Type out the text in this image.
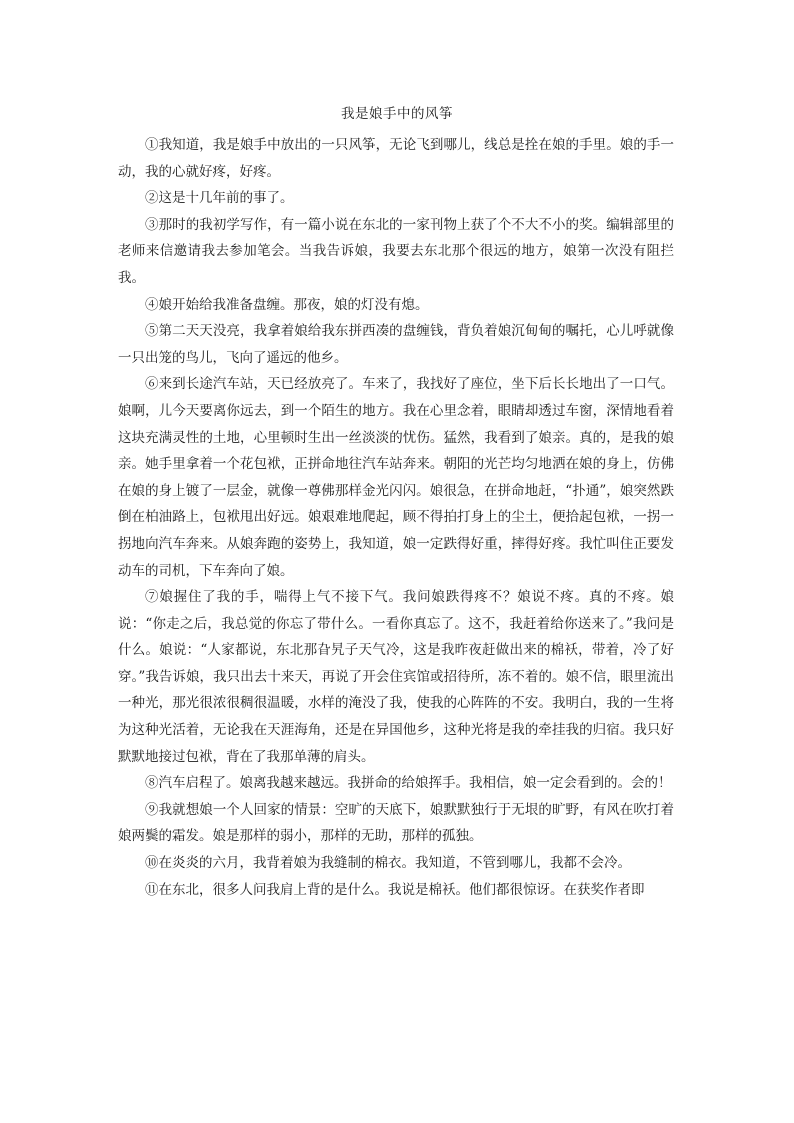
我是娘手中的风筝

①我知道，我是娘手中放出的一只风筝，无论飞到哪儿，线总是拴在娘的手里。娘的手一动，我的心就好疼，好疼。

②这是十几年前的事了。

③那时的我初学写作，有一篇小说在东北的一家刊物上获了个不大不小的奖。编辑部里的老师来信邀请我去参加笔会。当我告诉娘，我要去东北那个很远的地方，娘第一次没有阻拦我。

④娘开始给我准备盘缠。那夜，娘的灯没有熄。

⑤第二天天没亮，我拿着娘给我东拼西凑的盘缠钱，背负着娘沉甸甸的嘱托，心儿呼就像一只出笼的鸟儿，飞向了遥远的他乡。

⑥来到长途汽车站，天已经放亮了。车来了，我找好了座位，坐下后长长地出了一口气。娘啊，儿今天要离你远去，到一个陌生的地方。我在心里念着，眼睛却透过车窗，深情地看着这块充满灵性的土地，心里顿时生出一丝淡淡的忧伤。猛然，我看到了娘亲。真的，是我的娘亲。她手里拿着一个花包袱，正拼命地往汽车站奔来。朝阳的光芒均匀地洒在娘的身上，仿佛在娘的身上镀了一层金，就像一尊佛那样金光闪闪。娘很急，在拼命地赶，“扑通”，娘突然跌倒在柏油路上，包袱甩出好远。娘艰难地爬起，顾不得拍打身上的尘土，便拾起包袱，一拐一拐地向汽车奔来。从娘奔跑的姿势上，我知道，娘一定跌得好重，摔得好疼。我忙叫住正要发动车的司机，下车奔向了娘。

⑦娘握住了我的手，喘得上气不接下气。我问娘跌得疼不？娘说不疼。真的不疼。娘说：“你走之后，我总觉的你忘了带什么。一看你真忘了。这不，我赶着给你送来了。”我问是什么。娘说：“人家都说，东北那旮旯子天气冷，这是我昨夜赶做出来的棉袄，带着，冷了好穿。”我告诉娘，我只出去十来天，再说了开会住宾馆或招待所，冻不着的。娘不信，眼里流出一种光，那光很浓很稠很温暖，水样的淹没了我，使我的心阵阵的不安。我明白，我的一生将为这种光活着，无论我在天涯海角，还是在异国他乡，这种光将是我的牵挂我的归宿。我只好默默地接过包袱，背在了我那单薄的肩头。

⑧汽车启程了。娘离我越来越远。我拼命的给娘挥手。我相信，娘一定会看到的。会的！

⑨我就想娘一个人回家的情景：空旷的天底下，娘默默独行于无垠的旷野，有风在吹打着娘两鬓的霜发。娘是那样的弱小，那样的无助，那样的孤独。

⑩在炎炎的六月，我背着娘为我缝制的棉衣。我知道，不管到哪儿，我都不会冷。

⑪在东北，很多人问我肩上背的是什么。我说是棉袄。他们都很惊讶。在获奖作者即
